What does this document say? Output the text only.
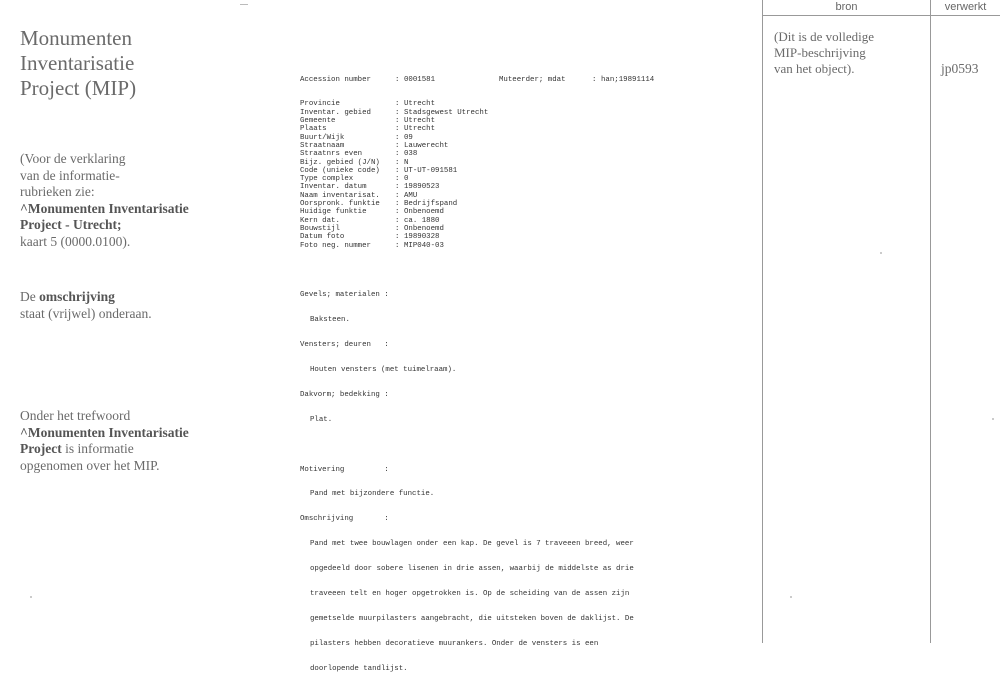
Monumenten
Inventarisatie
Project (MIP)
(Voor de verklaring
van de informatie-
rubrieken zie:
^Monumenten Inventarisatie
Project - Utrecht;
kaart 5 (0000.0100).
De omschrijving
staat (vrijwel) onderaan.
Onder het trefwoord
^Monumenten Inventarisatie
Project is informatie
opgenomen over het MIP.

Accession number	: 0001581	Muteerder; mdat	: han;19891114

Provincie	: Utrecht
Inventar. gebied	: Stadsgewest Utrecht
Gemeente	: Utrecht
Plaats	: Utrecht
Buurt/Wijk	: 09
Straatnaam	: Lauwerecht
Straatnrs even	: 038
Bijz. gebied (J/N) : N
Code (unieke code) : UT-UT-091581
Type complex	: 0
Inventar. datum	: 19890523
Naam inventarisat. : AMU
Oorspronk. funktie : Bedrijfspand
Huidige funktie	: Onbenoemd
Kern dat.	: ca. 1880
Bouwstijl	: Onbenoemd
Datum foto	: 19890328
Foto neg. nummer	: MIP040-03

Gevels; materialen :

Baksteen.

Vensters; deuren   :

Houten vensters (met tuimelraam).

Dakvorm; bedekking :

Plat.

Motivering         :

Pand met bijzondere functie.

Omschrijving       :

Pand met twee bouwlagen onder een kap. De gevel is 7 traveeen breed, weer

opgedeeld door sobere lisenen in drie assen, waarbij de middelste as drie

traveeen telt en hoger opgetrokken is. Op de scheiding van de assen zijn

gemetselde muurpilasters aangebracht, die uitsteken boven de daklijst. De

pilasters hebben decoratieve muurankers. Onder de vensters is een

doorlopende tandlijst.

bron	verwerkt
(Dit is de volledige
MIP-beschrijving
van het object).	jp0593
